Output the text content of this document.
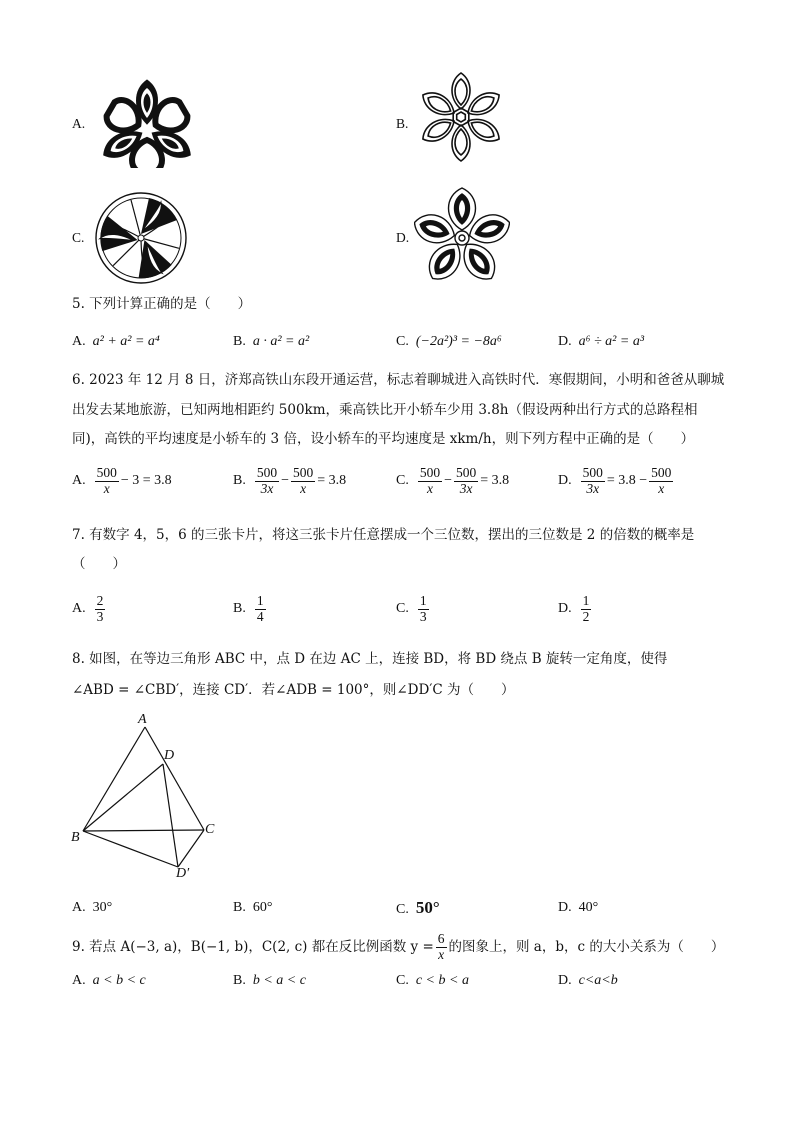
A.	B.
C.	D.
5. 下列计算正确的是（　　）
A. a² + a² = a⁴	B. a · a² = a²	C. (−2a²)³ = −8a⁶	D. a⁶ ÷ a² = a³
6. 2023 年 12 月 8 日，济郑高铁山东段开通运营，标志着聊城进入高铁时代．寒假期间，小明和爸爸从聊城
出发去某地旅游，已知两地相距约 500km，乘高铁比开小轿车少用 3.8h（假设两种出行方式的总路程相
同)，高铁的平均速度是小轿车的 3 倍，设小轿车的平均速度是 xkm/h，则下列方程中正确的是（　　）
A.
$\frac{500}{x} - 3 = 3.8$	B.
$\frac{500}{3x} - \frac{500}{x} = 3.8$	C.
$\frac{500}{x} - \frac{500}{3x} = 3.8$	D.
$\frac{500}{3x} = 3.8 - \frac{500}{x}$
7. 有数字 4，5，6 的三张卡片，将这三张卡片任意摆成一个三位数，摆出的三位数是 2 的倍数的概率是
（　　）
A.
$\frac{2}{3}$	B.
$\frac{1}{4}$	C.
$\frac{1}{3}$	D.
$\frac{1}{2}$
8. 如图，在等边三角形 ABC 中，点 D 在边 AC 上，连接 BD，将 BD 绕点 B 旋转一定角度，使得
∠ABD = ∠CBD′，连接 CD′．若∠ADB = 100°，则∠DD′C 为（　　）
A
D
B
C
D′
A. 30°	B. 60°	C. 50°	D. 40°
9. 若点 A(−3, a)，B(−1, b)，C(2, c) 都在反比例函数 $y = \frac{6}{x}$ 的图象上，则 a，b，c 的大小关系为（　　）
A. a < b < c	B. b < a < c	C. c < b < a	D. c<a<b
